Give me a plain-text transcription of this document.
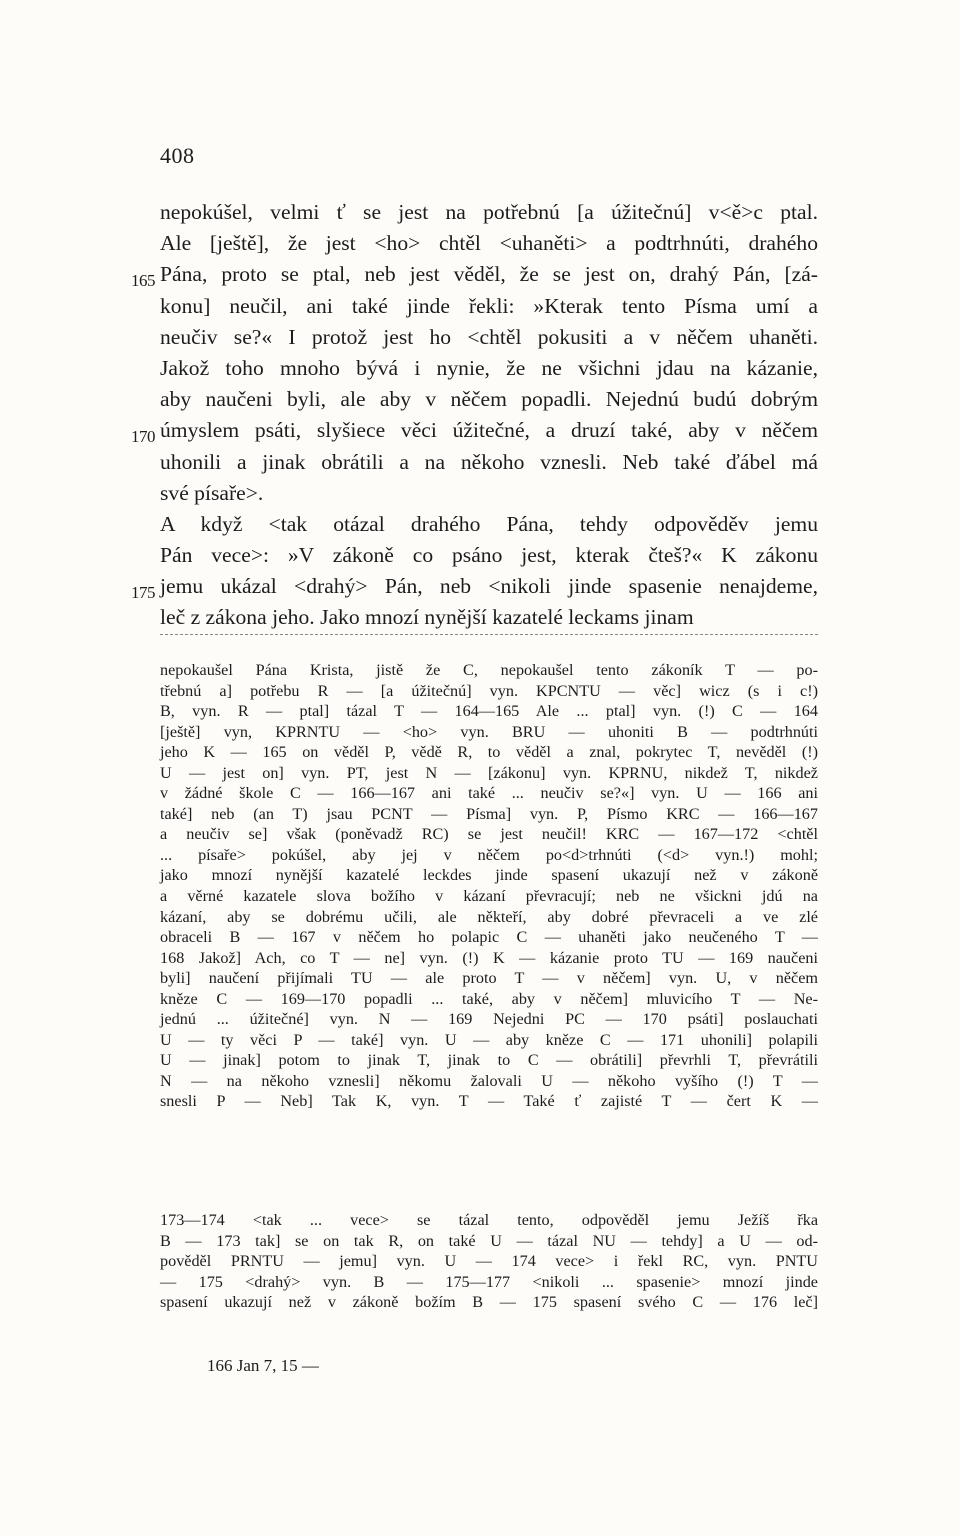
408
nepokúšel, velmi ť se jest na potřebnú [a úžitečnú] v<ě>c ptal.
Ale [ještě], že jest <ho> chtěl <uhaněti> a podtrhnúti, drahého
Pána, proto se ptal, neb jest věděl, že se jest on, drahý Pán, [zá-
165
konu] neučil, ani také jinde řekli: »Kterak tento Písma umí a
neučiv se?« I protož jest ho <chtěl pokusiti a v něčem uhaněti.
Jakož toho mnoho bývá i nynie, že ne všichni jdau na kázanie,
aby naučeni byli, ale aby v něčem popadli. Nejednú budú dobrým
úmyslem psáti, slyšiece věci úžitečné, a druzí také, aby v něčem
170
uhonili a jinak obrátili a na někoho vznesli. Neb také ďábel má
své písaře>.
A když <tak otázal drahého Pána, tehdy odpověděv jemu
Pán vece>: »V zákoně co psáno jest, kterak čteš?« K zákonu
jemu ukázal <drahý> Pán, neb <nikoli jinde spasenie nenajdeme,
175
leč z zákona jeho. Jako mnozí nynější kazatelé leckams jinam
nepokaušel Pána Krista, jistě že C, nepokaušel tento zákoník T — po-
třebnú a] potřebu R — [a úžitečnú] vyn. KPCNTU — věc] wicz (s i c!)
B, vyn. R — ptal] tázal T — 164—165 Ale ... ptal] vyn. (!) C — 164
[ještě] vyn, KPRNTU — <ho> vyn. BRU — uhoniti B — podtrhnúti
jeho K — 165 on věděl P, vědě R, to věděl a znal, pokrytec T, nevěděl (!)
U — jest on] vyn. PT, jest N — [zákonu] vyn. KPRNU, nikdež T, nikdež
v žádné škole C — 166—167 ani také ... neučiv se?«] vyn. U — 166 ani
také] neb (an T) jsau PCNT — Písma] vyn. P, Písmo KRC — 166—167
a neučiv se] však (poněvadž RC) se jest neučil! KRC — 167—172 <chtěl
... písaře> pokúšel, aby jej v něčem po<d>trhnúti (<d> vyn.!) mohl;
jako mnozí nynější kazatelé leckdes jinde spasení ukazují než v zákoně
a věrné kazatele slova božího v kázaní převracují; neb ne všickni jdú na
kázaní, aby se dobrému učili, ale někteří, aby dobré převraceli a ve zlé
obraceli B — 167 v něčem ho polapic C — uhaněti jako neučeného T —
168 Jakož] Ach, co T — ne] vyn. (!) K — kázanie proto TU — 169 naučeni
byli] naučení přijímali TU — ale proto T — v něčem] vyn. U, v něčem
kněze C — 169—170 popadli ... také, aby v něčem] mluvicího T — Ne-
jednú ... úžitečné] vyn. N — 169 Nejedni PC — 170 psáti] poslauchati
U — ty věci P — také] vyn. U — aby kněze C — 171 uhonili] polapili
U — jinak] potom to jinak T, jinak to C — obrátili] převrhli T, převrátili
N — na někoho vznesli] někomu žalovali U — někoho vyšího (!) T —
snesli P — Neb] Tak K, vyn. T — Také ť zajisté T — čert K —
173—174 <tak ... vece> se tázal tento, odpověděl jemu Ježíš řka
B — 173 tak] se on tak R, on také U — tázal NU — tehdy] a U — od-
pověděl PRNTU — jemu] vyn. U — 174 vece> i řekl RC, vyn. PNTU
— 175 <drahý> vyn. B — 175—177 <nikoli ... spasenie> mnozí jinde
spasení ukazují než v zákoně božím B — 175 spasení svého C — 176 leč]
166 Jan 7, 15 —
